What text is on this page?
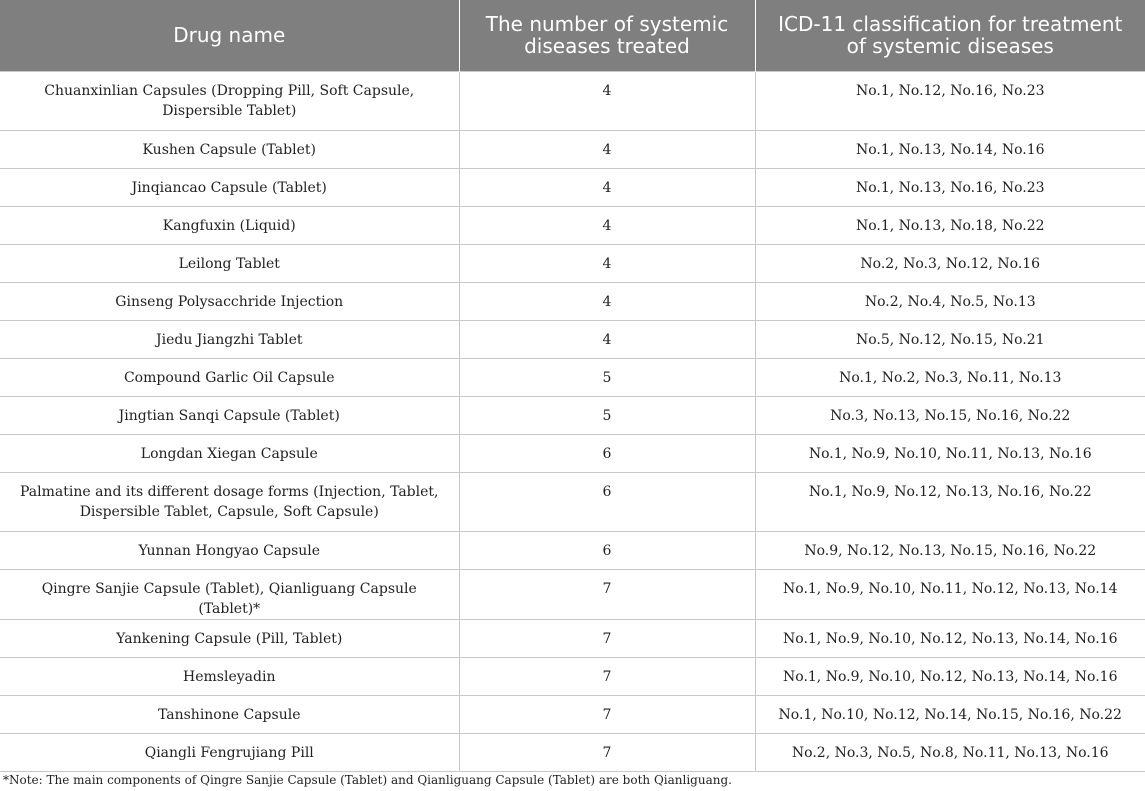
Drug name	The number of systemic diseases treated	ICD-11 classification for treatment of systemic diseases
Chuanxinlian Capsules (Dropping Pill, Soft Capsule, Dispersible Tablet)	4	No.1, No.12, No.16, No.23
Kushen Capsule (Tablet)	4	No.1, No.13, No.14, No.16
Jinqiancao Capsule (Tablet)	4	No.1, No.13, No.16, No.23
Kangfuxin (Liquid)	4	No.1, No.13, No.18, No.22
Leilong Tablet	4	No.2, No.3, No.12, No.16
Ginseng Polysacchride Injection	4	No.2, No.4, No.5, No.13
Jiedu Jiangzhi Tablet	4	No.5, No.12, No.15, No.21
Compound Garlic Oil Capsule	5	No.1, No.2, No.3, No.11, No.13
Jingtian Sanqi Capsule (Tablet)	5	No.3, No.13, No.15, No.16, No.22
Longdan Xiegan Capsule	6	No.1, No.9, No.10, No.11, No.13, No.16
Palmatine and its different dosage forms (Injection, Tablet, Dispersible Tablet, Capsule, Soft Capsule)	6	No.1, No.9, No.12, No.13, No.16, No.22
Yunnan Hongyao Capsule	6	No.9, No.12, No.13, No.15, No.16, No.22
Qingre Sanjie Capsule (Tablet), Qianliguang Capsule (Tablet)*	7	No.1, No.9, No.10, No.11, No.12, No.13, No.14
Yankening Capsule (Pill, Tablet)	7	No.1, No.9, No.10, No.12, No.13, No.14, No.16
Hemsleyadin	7	No.1, No.9, No.10, No.12, No.13, No.14, No.16
Tanshinone Capsule	7	No.1, No.10, No.12, No.14, No.15, No.16, No.22
Qiangli Fengrujiang Pill	7	No.2, No.3, No.5, No.8, No.11, No.13, No.16
*Note: The main components of Qingre Sanjie Capsule (Tablet) and Qianliguang Capsule (Tablet) are both Qianliguang.
